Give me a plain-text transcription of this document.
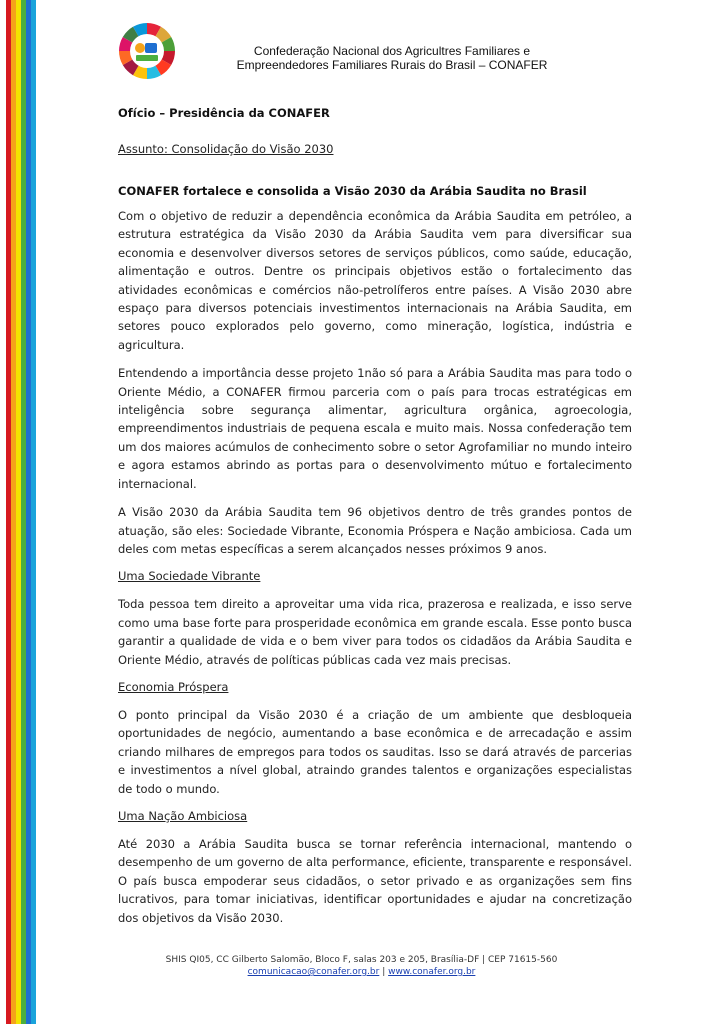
Confederação Nacional dos Agricultres Familiares e
Empreendedores Familiares Rurais do Brasil – CONAFER
Ofício – Presidência da CONAFER
Assunto: Consolidação do Visão 2030
CONAFER fortalece e consolida a Visão 2030 da Arábia Saudita no Brasil

Com o objetivo de reduzir a dependência econômica da Arábia Saudita em petróleo, a estrutura estratégica da Visão 2030 da Arábia Saudita vem para diversificar sua economia e desenvolver diversos setores de serviços públicos, como saúde, educação, alimentação e outros. Dentre os principais objetivos estão o fortalecimento das atividades econômicas e comércios não-petrolíferos entre países. A Visão 2030 abre espaço para diversos potenciais investimentos internacionais na Arábia Saudita, em setores pouco explorados pelo governo, como mineração, logística, indústria e agricultura.

Entendendo a importância desse projeto 1não só para a Arábia Saudita mas para todo o Oriente Médio, a CONAFER firmou parceria com o país para trocas estratégicas em inteligência sobre segurança alimentar, agricultura orgânica, agroecologia, empreendimentos industriais de pequena escala e muito mais. Nossa confederação tem um dos maiores acúmulos de conhecimento sobre o setor Agrofamiliar no mundo inteiro e agora estamos abrindo as portas para o desenvolvimento mútuo e fortalecimento internacional.

A Visão 2030 da Arábia Saudita tem 96 objetivos dentro de três grandes pontos de atuação, são eles: Sociedade Vibrante, Economia Próspera e Nação ambiciosa. Cada um deles com metas específicas a serem alcançados nesses próximos 9 anos.

Uma Sociedade Vibrante

Toda pessoa tem direito a aproveitar uma vida rica, prazerosa e realizada, e isso serve como uma base forte para prosperidade econômica em grande escala. Esse ponto busca garantir a qualidade de vida e o bem viver para todos os cidadãos da Arábia Saudita e Oriente Médio, através de políticas públicas cada vez mais precisas.

Economia Próspera

O ponto principal da Visão 2030 é a criação de um ambiente que desbloqueia oportunidades de negócio, aumentando a base econômica e de arrecadação e assim criando milhares de empregos para todos os sauditas. Isso se dará através de parcerias e investimentos a nível global, atraindo grandes talentos e organizações especialistas de todo o mundo.

Uma Nação Ambiciosa

Até 2030 a Arábia Saudita busca se tornar referência internacional, mantendo o desempenho de um governo de alta performance, eficiente, transparente e responsável. O país busca empoderar seus cidadãos, o setor privado e as organizações sem fins lucrativos, para tomar iniciativas, identificar oportunidades e ajudar na concretização dos objetivos da Visão 2030.

SHIS QI05, CC Gilberto Salomão, Bloco F, salas 203 e 205, Brasília-DF | CEP 71615-560
comunicacao@conafer.org.br | www.conafer.org.br
